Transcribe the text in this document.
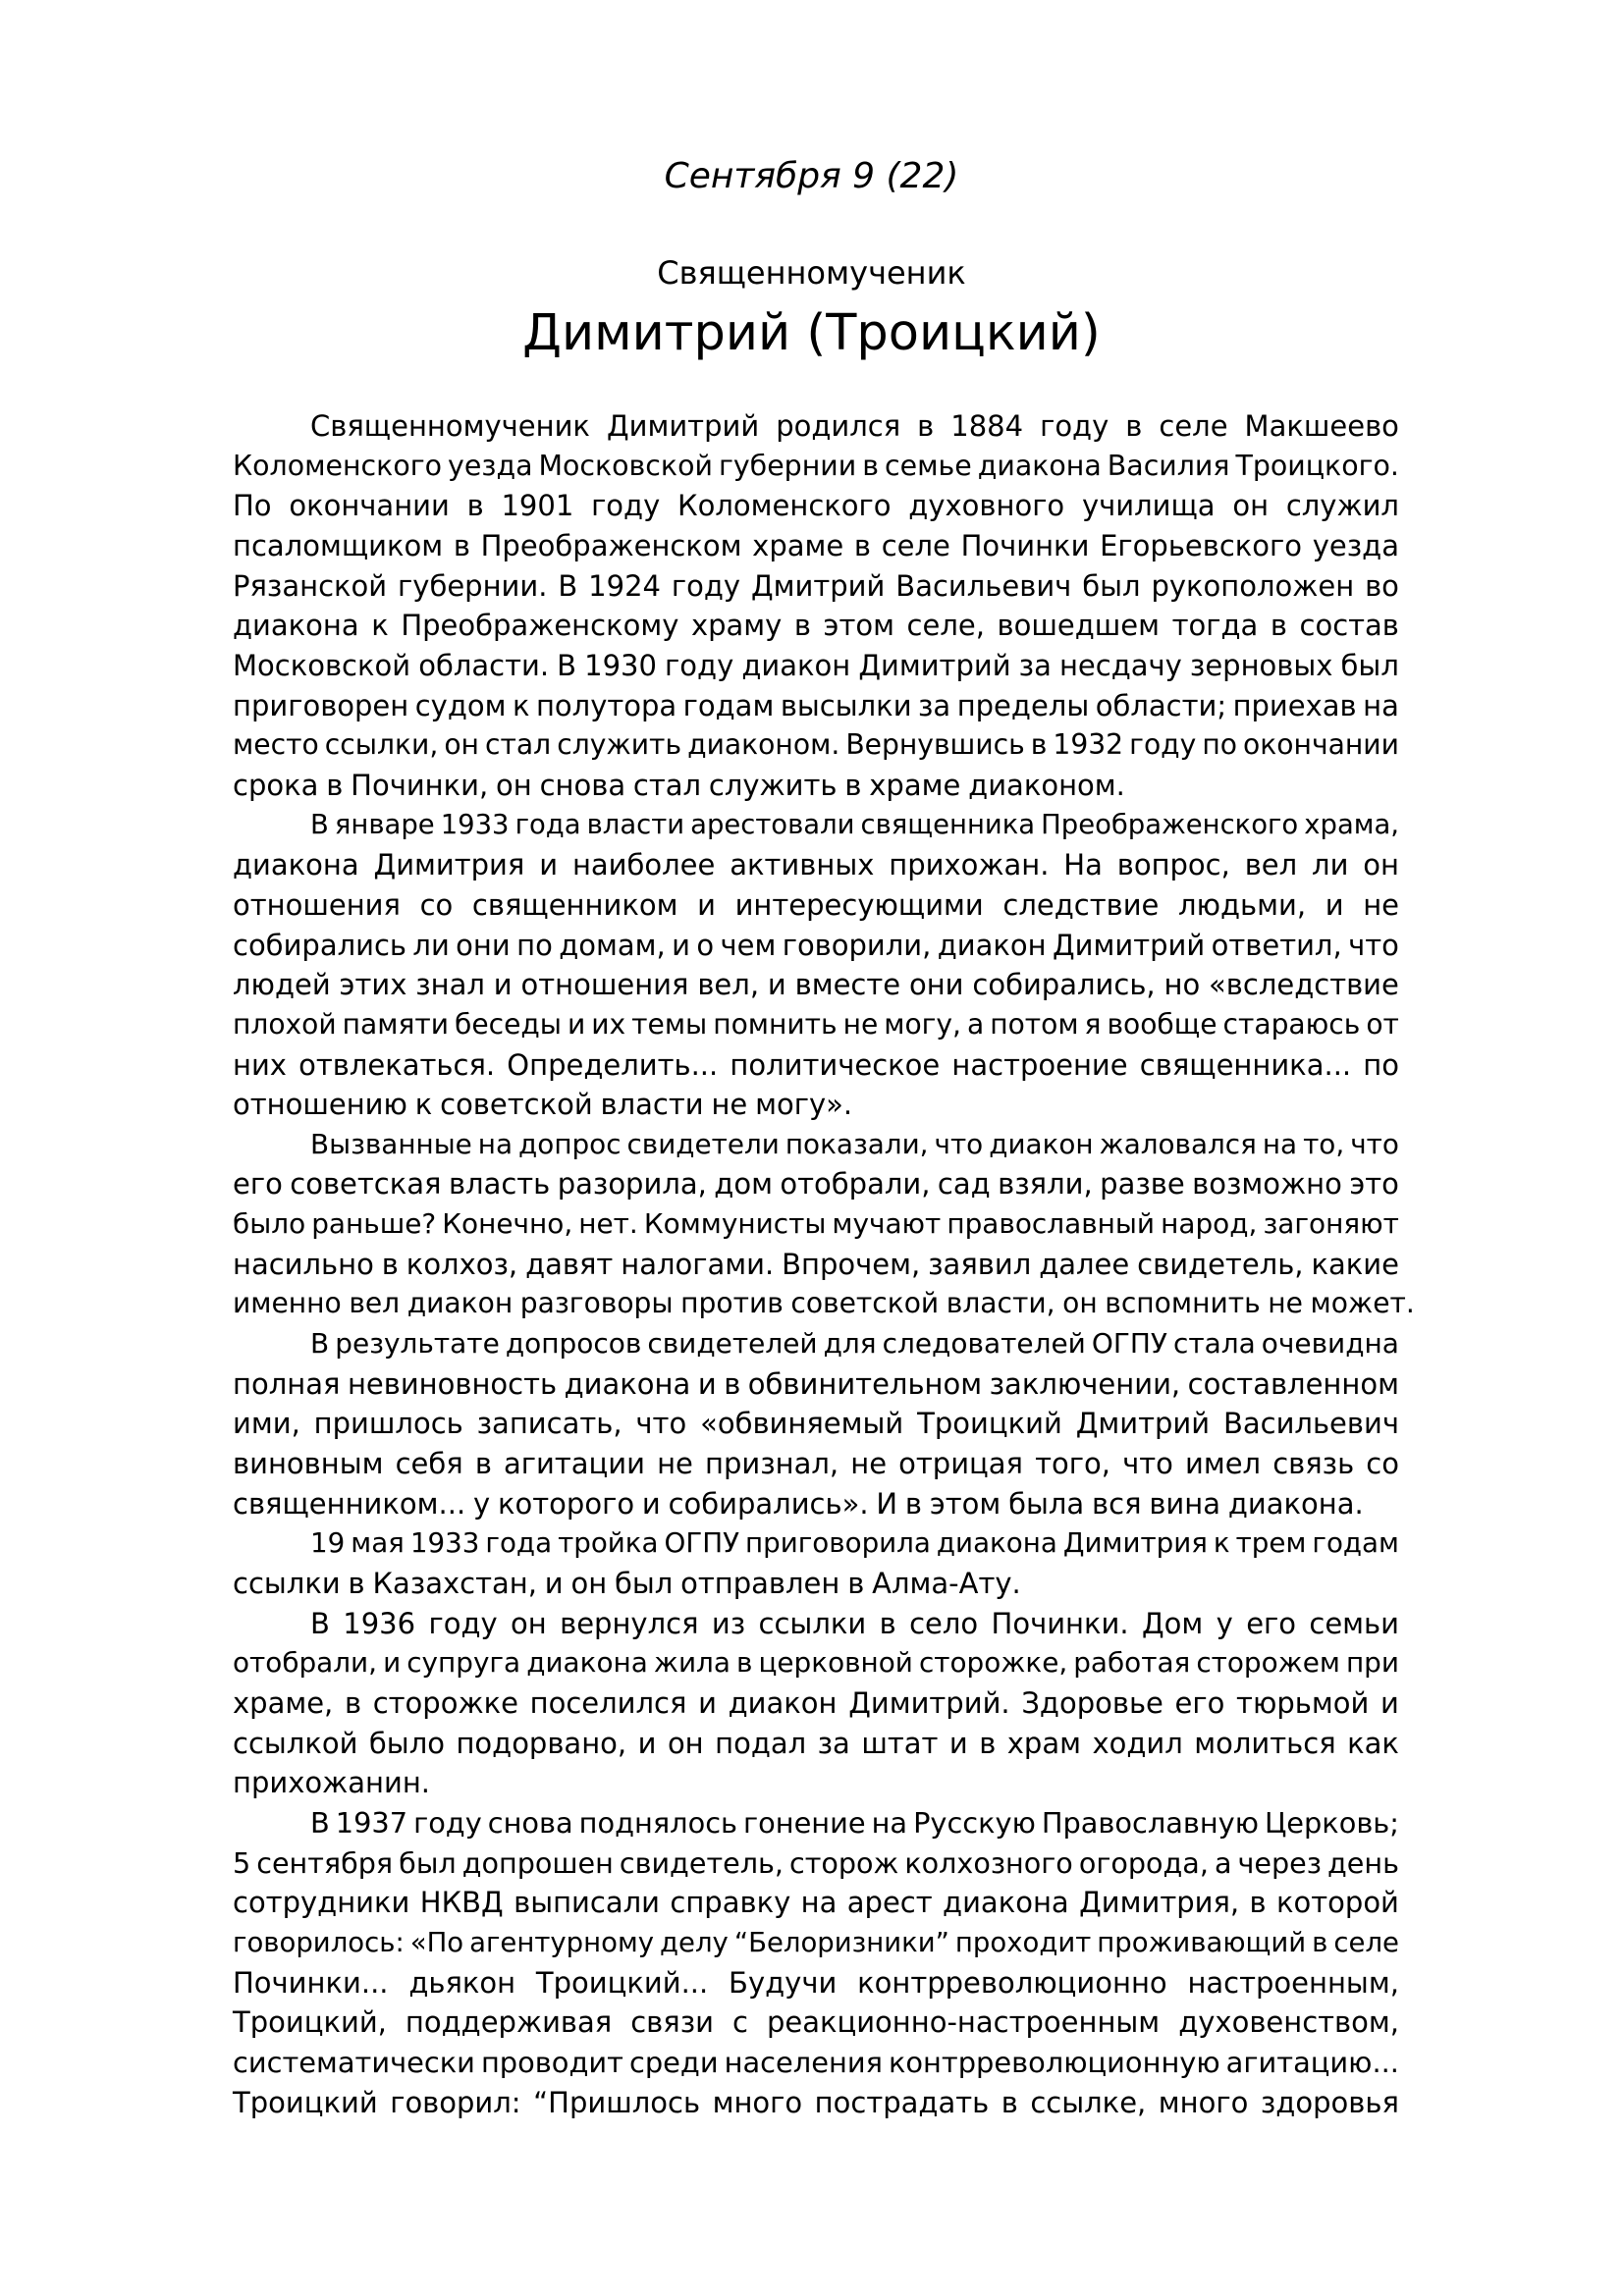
Сентября 9 (22)
Священномученик
Димитрий (Троицкий)
Священномученик Димитрий родился в 1884 году в селе Макшеево
Коломенского уезда Московской губернии в семье диакона Василия Троицкого.
По окончании в 1901 году Коломенского духовного училища он служил
псаломщиком в Преображенском храме в селе Починки Егорьевского уезда
Рязанской губернии. В 1924 году Дмитрий Васильевич был рукоположен во
диакона к Преображенскому храму в этом селе, вошедшем тогда в состав
Московской области. В 1930 году диакон Димитрий за несдачу зерновых был
приговорен судом к полутора годам высылки за пределы области; приехав на
место ссылки, он стал служить диаконом. Вернувшись в 1932 году по окончании
срока в Починки, он снова стал служить в храме диаконом.
В январе 1933 года власти арестовали священника Преображенского храма,
диакона Димитрия и наиболее активных прихожан. На вопрос, вел ли он
отношения со священником и интересующими следствие людьми, и не
собирались ли они по домам, и о чем говорили, диакон Димитрий ответил, что
людей этих знал и отношения вел, и вместе они собирались, но «вследствие
плохой памяти беседы и их темы помнить не могу, а потом я вообще стараюсь от
них отвлекаться. Определить... политическое настроение священника... по
отношению к советской власти не могу».
Вызванные на допрос свидетели показали, что диакон жаловался на то, что
его советская власть разорила, дом отобрали, сад взяли, разве возможно это
было раньше? Конечно, нет. Коммунисты мучают православный народ, загоняют
насильно в колхоз, давят налогами. Впрочем, заявил далее свидетель, какие
именно вел диакон разговоры против советской власти, он вспомнить не может.
В результате допросов свидетелей для следователей ОГПУ стала очевидна
полная невиновность диакона и в обвинительном заключении, составленном
ими, пришлось записать, что «обвиняемый Троицкий Дмитрий Васильевич
виновным себя в агитации не признал, не отрицая того, что имел связь со
священником... у которого и собирались». И в этом была вся вина диакона.
19 мая 1933 года тройка ОГПУ приговорила диакона Димитрия к трем годам
ссылки в Казахстан, и он был отправлен в Алма-Ату.
В 1936 году он вернулся из ссылки в село Починки. Дом у его семьи
отобрали, и супруга диакона жила в церковной сторожке, работая сторожем при
храме, в сторожке поселился и диакон Димитрий. Здоровье его тюрьмой и
ссылкой было подорвано, и он подал за штат и в храм ходил молиться как
прихожанин.
В 1937 году снова поднялось гонение на Русскую Православную Церковь;
5 сентября был допрошен свидетель, сторож колхозного огорода, а через день
сотрудники НКВД выписали справку на арест диакона Димитрия, в которой
говорилось: «По агентурному делу “Белоризники” проходит проживающий в селе
Починки... дьякон Троицкий... Будучи контрреволюционно настроенным,
Троицкий, поддерживая связи с реакционно-настроенным духовенством,
систематически проводит среди населения контрреволюционную агитацию...
Троицкий говорил: “Пришлось много пострадать в ссылке, много здоровья
